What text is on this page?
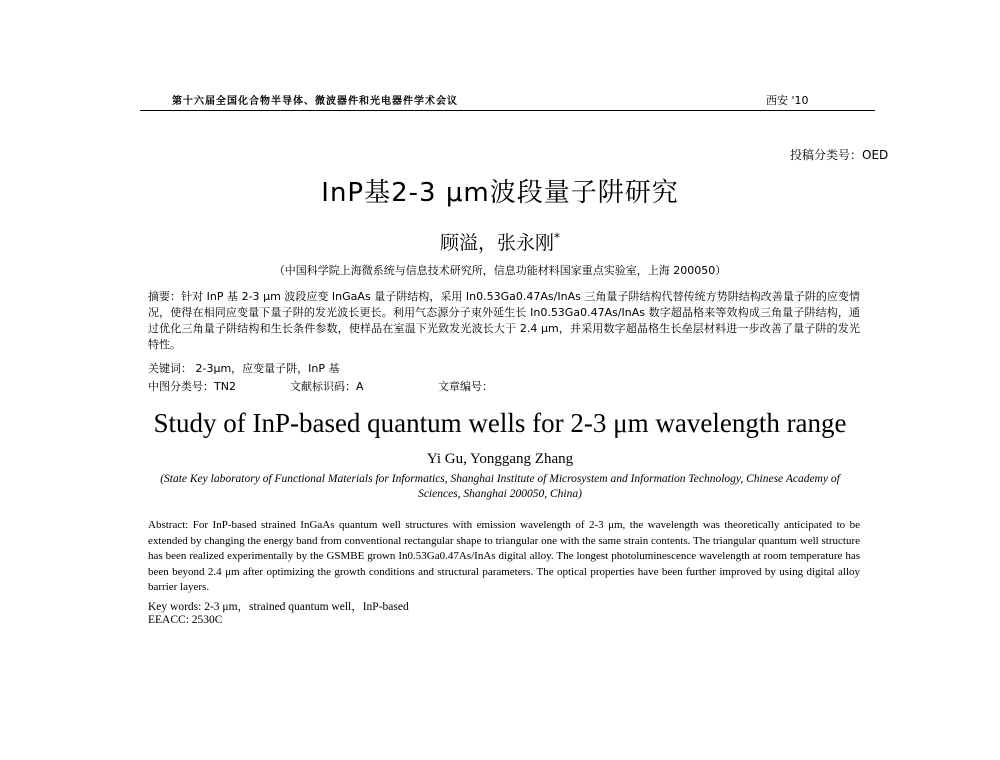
第十六届全国化合物半导体、微波器件和光电器件学术会议	西安 '10
投稿分类号：OED
InP基2-3 μm波段量子阱研究
顾溢，张永刚*
（中国科学院上海微系统与信息技术研究所，信息功能材料国家重点实验室，上海 200050）
摘要：针对 InP 基 2-3 μm 波段应变 InGaAs 量子阱结构，采用 In0.53Ga0.47As/InAs 三角量子阱结构代替传统方势阱结构改善量子阱的应变情况，使得在相同应变量下量子阱的发光波长更长。利用气态源分子束外延生长 In0.53Ga0.47As/InAs 数字超晶格来等效构成三角量子阱结构，通过优化三角量子阱结构和生长条件参数，使样品在室温下光致发光波长大于 2.4 μm，并采用数字超晶格生长垒层材料进一步改善了量子阱的发光特性。
关键词： 2-3μm，应变量子阱，InP 基
中图分类号：TN2	文献标识码：A	文章编号：
Study of InP-based quantum wells for 2-3 μm wavelength range
Yi Gu, Yonggang Zhang
(State Key laboratory of Functional Materials for Informatics, Shanghai Institute of Microsystem and Information Technology, Chinese Academy of Sciences, Shanghai 200050, China)
Abstract: For InP-based strained InGaAs quantum well structures with emission wavelength of 2-3 μm, the wavelength was theoretically anticipated to be extended by changing the energy band from conventional rectangular shape to triangular one with the same strain contents. The triangular quantum well structure has been realized experimentally by the GSMBE grown In0.53Ga0.47As/InAs digital alloy. The longest photoluminescence wavelength at room temperature has been beyond 2.4 μm after optimizing the growth conditions and structural parameters. The optical properties have been further improved by using digital alloy barrier layers.
Key words: 2-3 μm，strained quantum well，InP-based
EEACC: 2530C
